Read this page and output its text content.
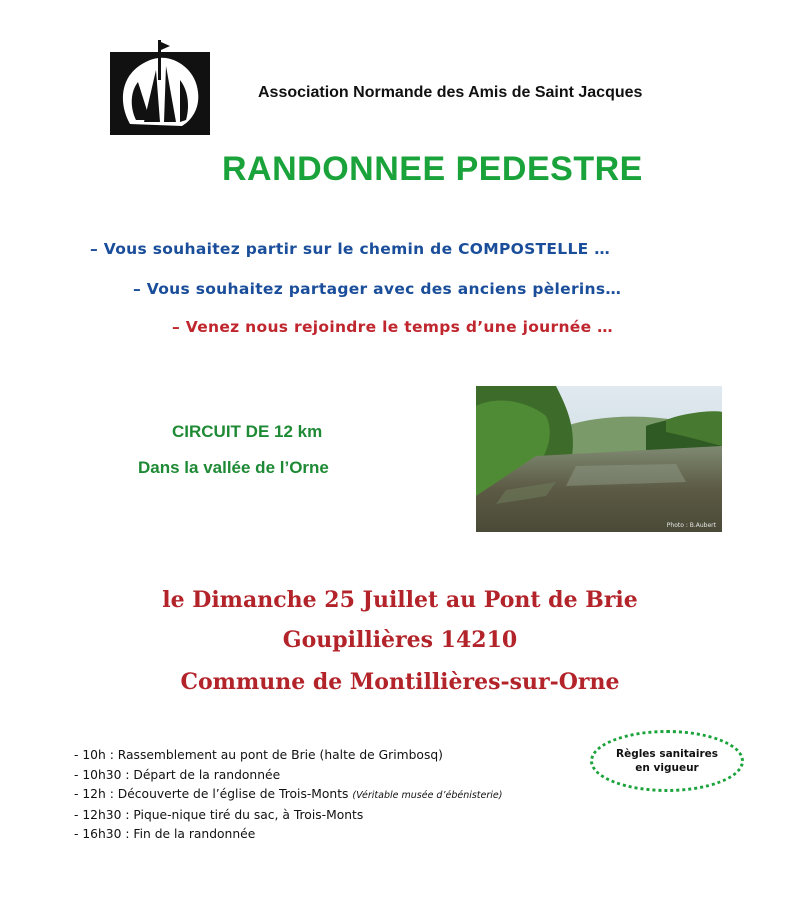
Association Normande des Amis de Saint Jacques
RANDONNEE PEDESTRE
– Vous souhaitez partir sur le chemin de COMPOSTELLE …
– Vous souhaitez partager avec des anciens pèlerins…
– Venez nous rejoindre le temps d’une journée …
CIRCUIT DE 12 km
Dans la vallée de l’Orne
Photo : B.Aubert
le Dimanche 25 Juillet au Pont de Brie
Goupillières 14210
Commune de Montillières-sur-Orne
- 10h : Rassemblement au pont de Brie (halte de Grimbosq)
- 10h30 : Départ de la randonnée
- 12h : Découverte de l’église de Trois-Monts (Véritable musée d’ébénisterie)
- 12h30 : Pique-nique tiré du sac, à Trois-Monts
- 16h30 : Fin de la randonnée
Règles sanitaires
en vigueur
